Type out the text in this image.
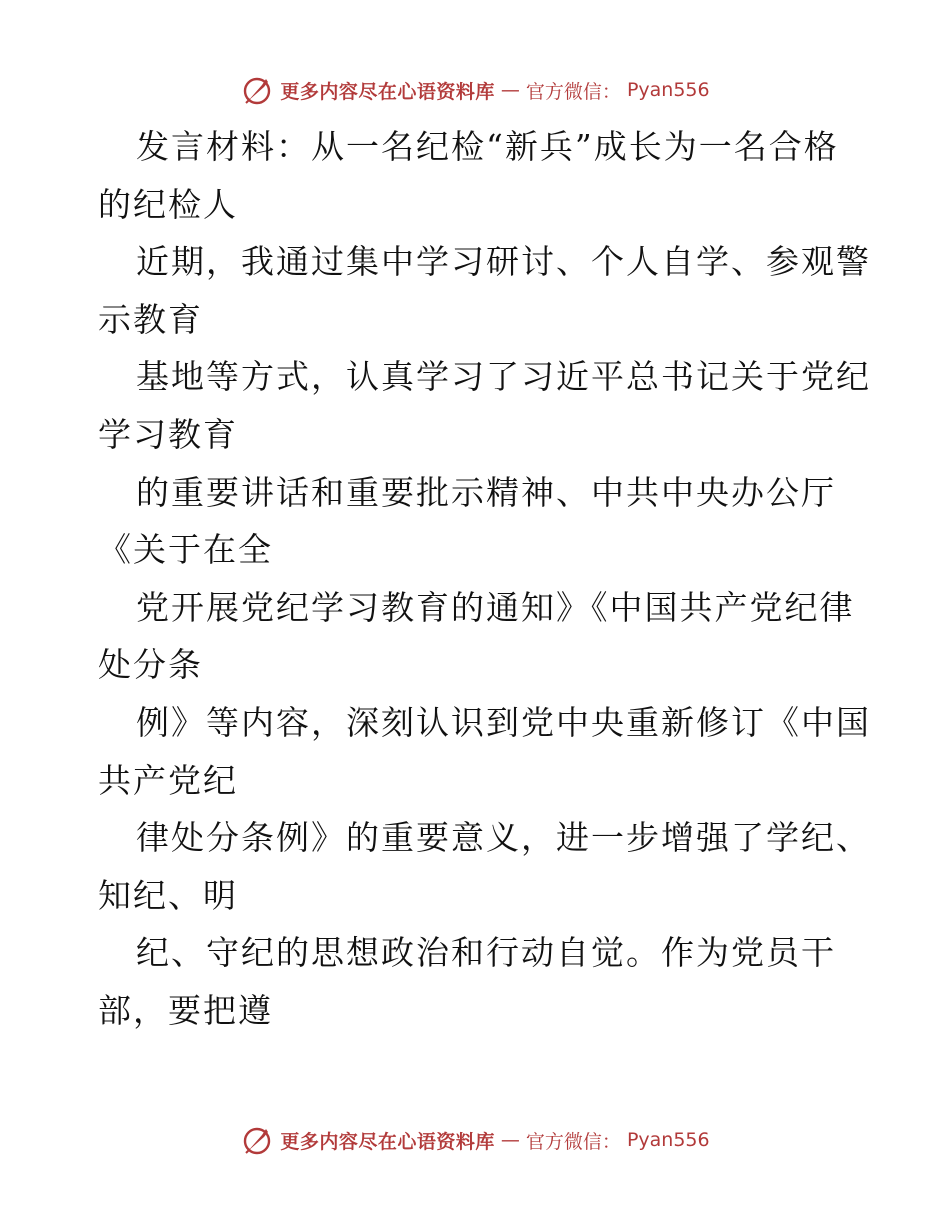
更多内容尽在心语资料库 — 官方微信： Pyan556
发言材料：从一名纪检“新兵”成长为一名合格
的纪检人
近期，我通过集中学习研讨、个人自学、参观警
示教育
基地等方式，认真学习了习近平总书记关于党纪
学习教育
的重要讲话和重要批示精神、中共中央办公厅
《关于在全
党开展党纪学习教育的通知》《中国共产党纪律
处分条
例》等内容，深刻认识到党中央重新修订《中国
共产党纪
律处分条例》的重要意义，进一步增强了学纪、
知纪、明
纪、守纪的思想政治和行动自觉。作为党员干
部，要把遵
更多内容尽在心语资料库 — 官方微信： Pyan556
